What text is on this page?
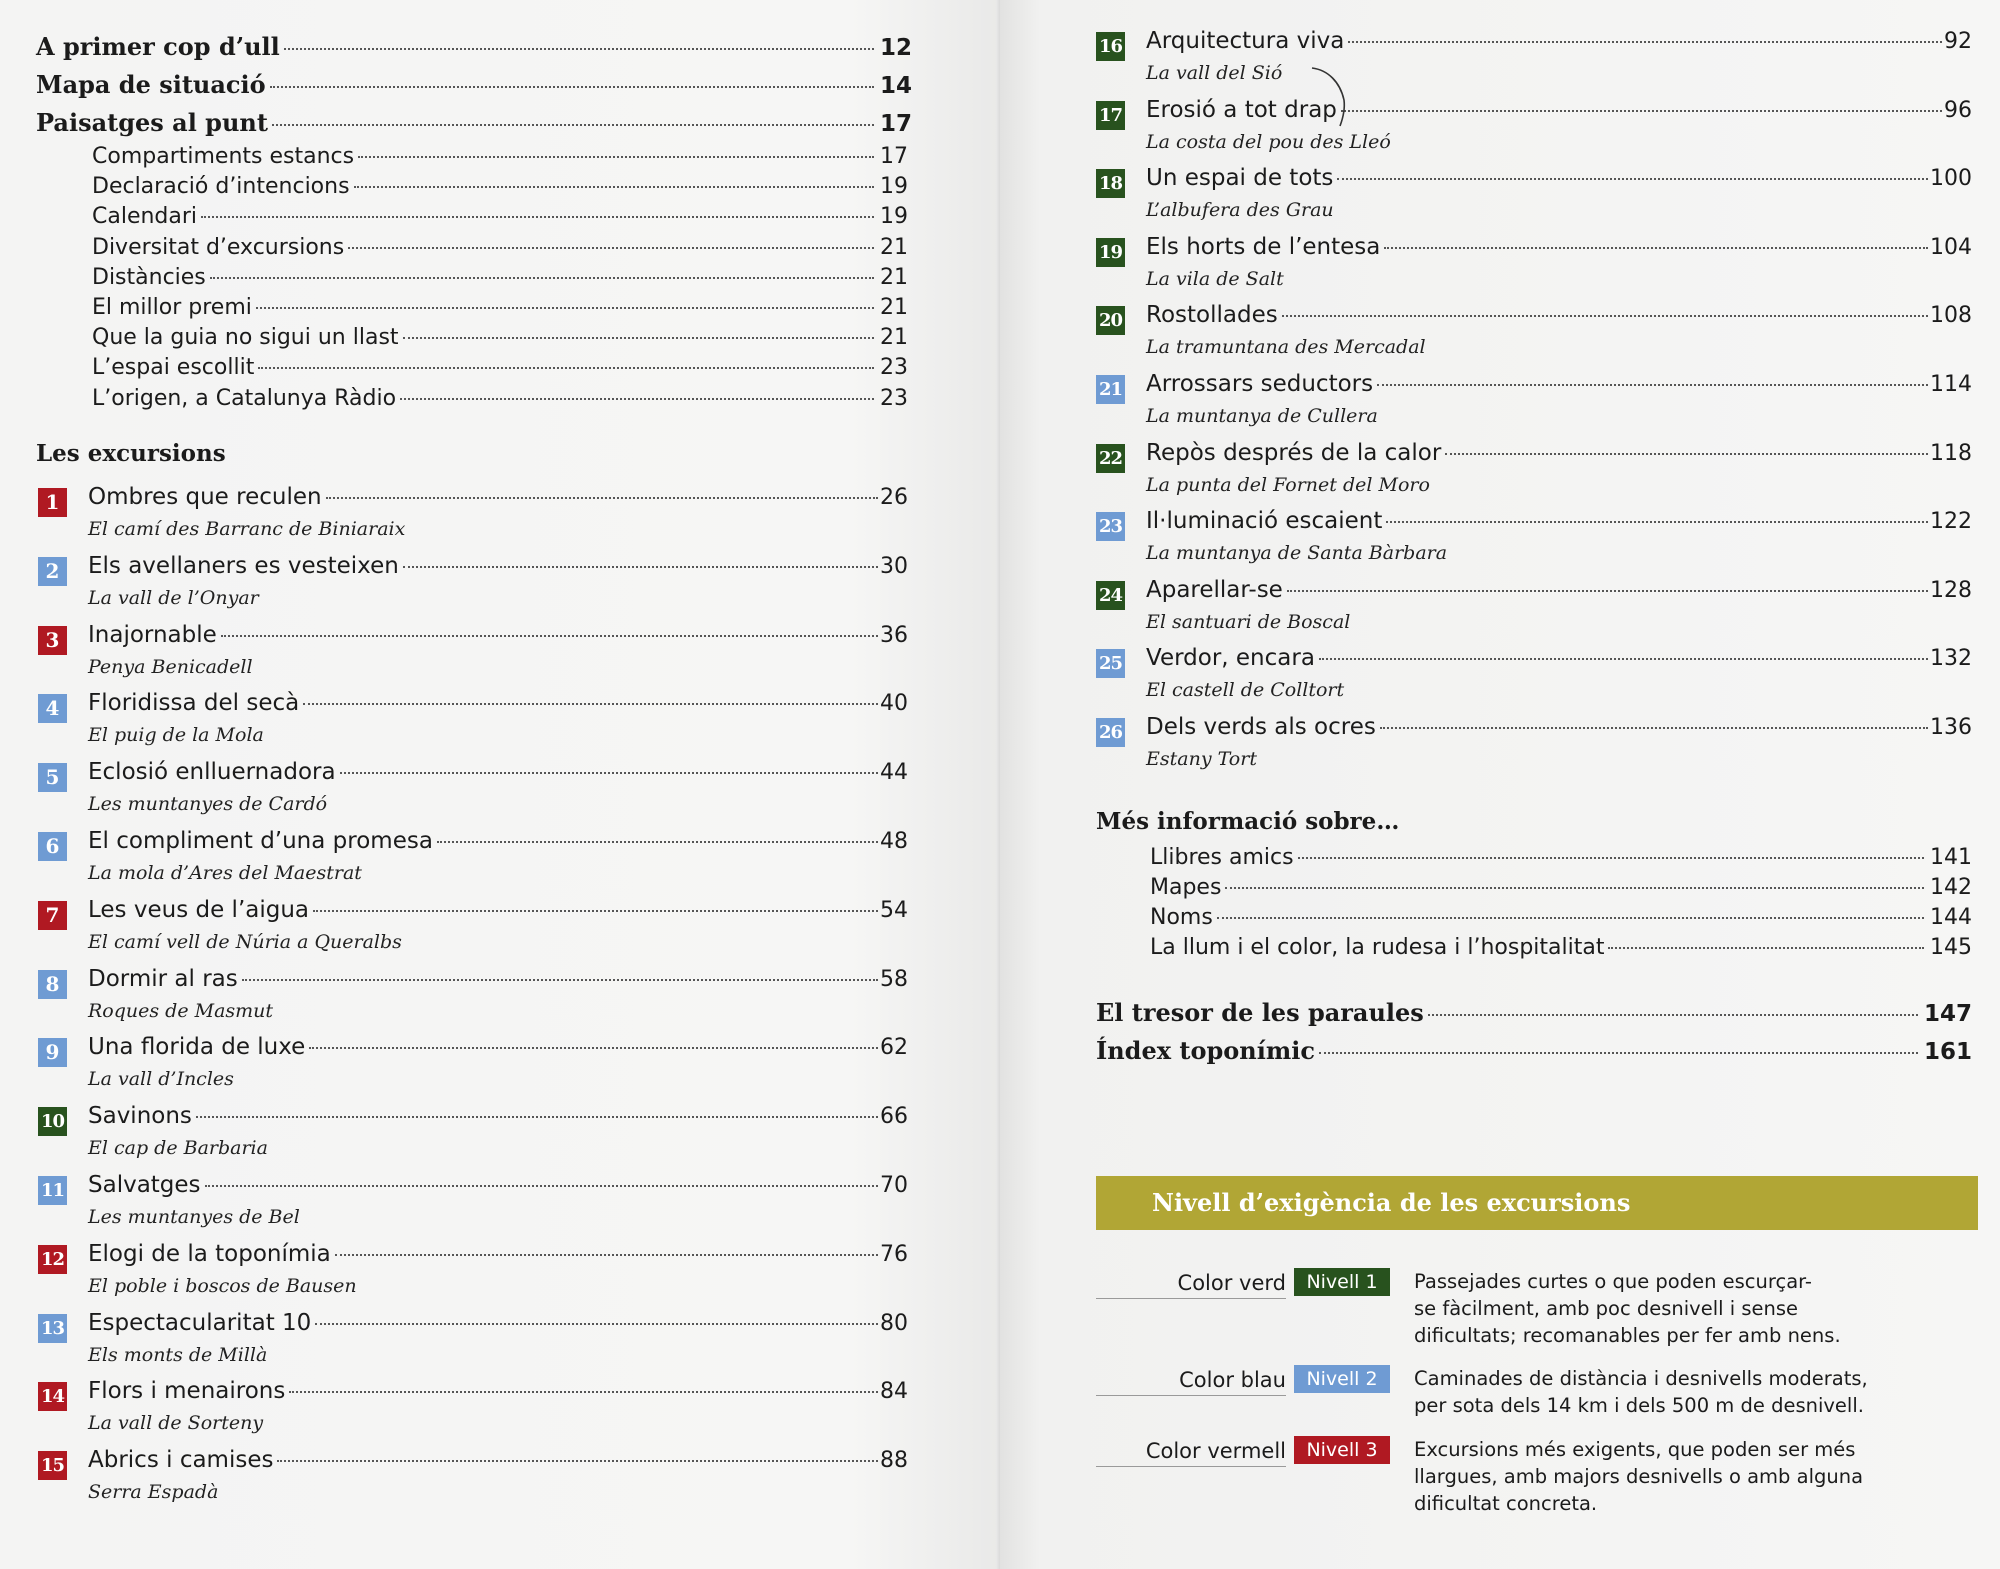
A primer cop d’ull	12
Mapa de situació	14
Paisatges al punt	17
Compartiments estancs	17
Declaració d’intencions	19
Calendari	19
Diversitat d’excursions	21
Distàncies	21
El millor premi	21
Que la guia no sigui un llast	21
L’espai escollit	23
L’origen, a Catalunya Ràdio	23
Les excursions
1	Ombres que reculen	26
El camí des Barranc de Biniaraix
2	Els avellaners es vesteixen	30
La vall de l’Onyar
3	Inajornable	36
Penya Benicadell
4	Floridissa del secà	40
El puig de la Mola
5	Eclosió enlluernadora	44
Les muntanyes de Cardó
6	El compliment d’una promesa	48
La mola d’Ares del Maestrat
7	Les veus de l’aigua	54
El camí vell de Núria a Queralbs
8	Dormir al ras	58
Roques de Masmut
9	Una florida de luxe	62
La vall d’Incles
10 Savinons	66
El cap de Barbaria
11 Salvatges	70
Les muntanyes de Bel
12 Elogi de la toponímia	76
El poble i boscos de Bausen
13 Espectacularitat 10	80
Els monts de Millà
14 Flors i menairons	84
La vall de Sorteny
15 Abrics i camises	88
Serra Espadà
16 Arquitectura viva	92
La vall del Sió
17 Erosió a tot drap	96
La costa del pou des Lleó
18 Un espai de tots	100
L’albufera des Grau
19 Els horts de l’entesa	104
La vila de Salt
20 Rostollades	108
La tramuntana des Mercadal
21 Arrossars seductors	114
La muntanya de Cullera
22 Repòs després de la calor	118
La punta del Fornet del Moro
23 Il·luminació escaient	122
La muntanya de Santa Bàrbara
24 Aparellar-se	128
El santuari de Boscal
25 Verdor, encara	132
El castell de Colltort
26 Dels verds als ocres	136
Estany Tort
Més informació sobre…
Llibres amics	141
Mapes	142
Noms	144
La llum i el color, la rudesa i l’hospitalitat	145
El tresor de les paraules	147
Índex toponímic	161
Nivell d’exigència de les excursions
Color verd	Nivell 1	Passejades curtes o que poden escurçar-
se fàcilment, amb poc desnivell i sense
dificultats; recomanables per fer amb nens.
Color blau	Nivell 2	Caminades de distància i desnivells moderats,
per sota dels 14 km i dels 500 m de desnivell.
Color vermell	Nivell 3	Excursions més exigents, que poden ser més
llargues, amb majors desnivells o amb alguna
dificultat concreta.
